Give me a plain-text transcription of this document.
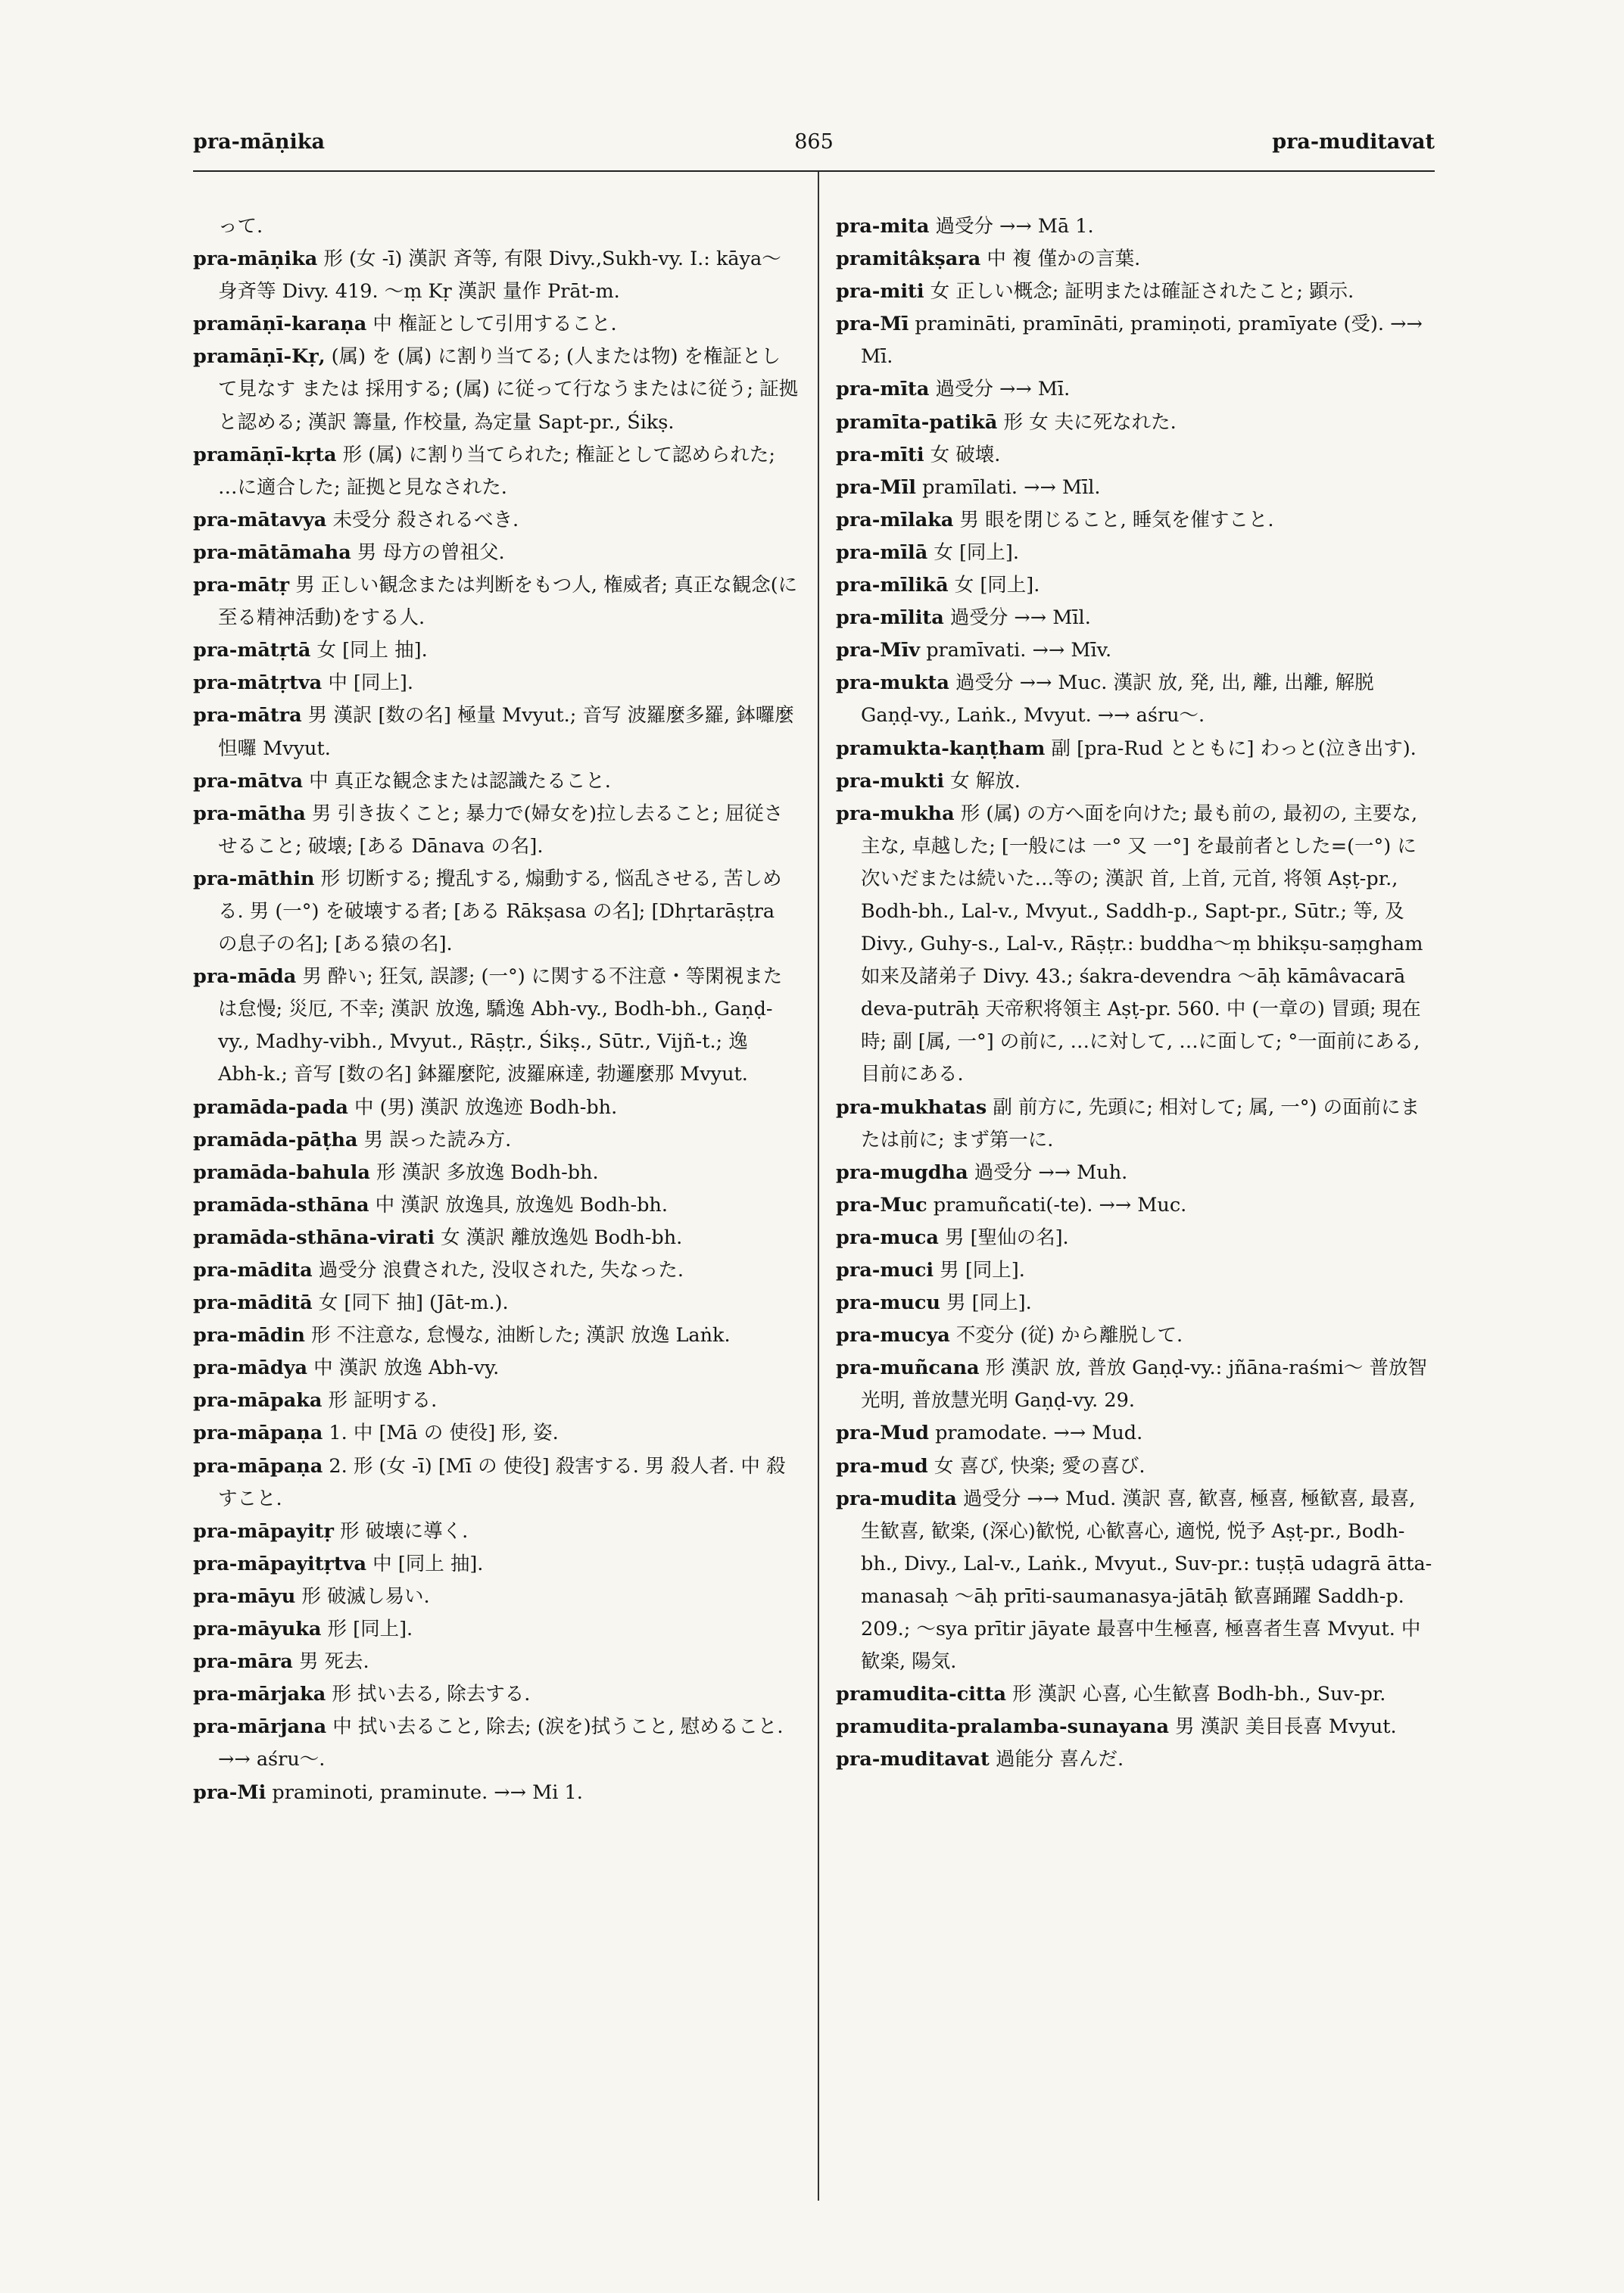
pra-māṇika	865	pra-muditavat

って.

pra-māṇika 形 (女 -ī) 漢訳 斉等, 有限 Divy.,Sukh-vy. I.: kāya～ 身斉等 Divy. 419. ～ṃ Kṛ 漢訳 量作 Prāt-m.

pramāṇī-karaṇa 中 権証として引用すること.

pramāṇī-Kṛ, (属) を (属) に割り当てる; (人または物) を権証として見なす または 採用する; (属) に従って行なうまたはに従う; 証拠と認める; 漢訳 籌量, 作校量, 為定量 Sapt-pr., Śikṣ.

pramāṇī-kṛta 形 (属) に割り当てられた; 権証として認められた; …に適合した; 証拠と見なされた.

pra-mātavya 未受分 殺されるべき.

pra-mātāmaha 男 母方の曾祖父.

pra-mātṛ 男 正しい観念または判断をもつ人, 権威者; 真正な観念(に至る精神活動)をする人.

pra-mātṛtā 女 [同上 抽].

pra-mātṛtva 中 [同上].

pra-mātra 男 漢訳 [数の名] 極量 Mvyut.; 音写 波羅麼多羅, 鉢囉麼怛囉 Mvyut.

pra-mātva 中 真正な観念または認識たること.

pra-mātha 男 引き抜くこと; 暴力で(婦女を)拉し去ること; 屈従させること; 破壊; [ある Dānava の名].

pra-māthin 形 切断する; 攪乱する, 煽動する, 悩乱させる, 苦しめる. 男 (一°) を破壊する者; [ある Rākṣasa の名]; [Dhṛtarāṣṭra の息子の名]; [ある猿の名].

pra-māda 男 酔い; 狂気, 誤謬; (一°) に関する不注意・等閑視または怠慢; 災厄, 不幸; 漢訳 放逸, 驕逸 Abh-vy., Bodh-bh., Gaṇḍ-vy., Madhy-vibh., Mvyut., Rāṣṭr., Śikṣ., Sūtr., Vijñ-t.; 逸 Abh-k.; 音写 [数の名] 鉢羅麼陀, 波羅麻達, 勃邏麼那 Mvyut.

pramāda-pada 中 (男) 漢訳 放逸迹 Bodh-bh.

pramāda-pāṭha 男 誤った読み方.

pramāda-bahula 形 漢訳 多放逸 Bodh-bh.

pramāda-sthāna 中 漢訳 放逸具, 放逸処 Bodh-bh.

pramāda-sthāna-virati 女 漢訳 離放逸処 Bodh-bh.

pra-mādita 過受分 浪費された, 没収された, 失なった.

pra-māditā 女 [同下 抽] (Jāt-m.).

pra-mādin 形 不注意な, 怠慢な, 油断した; 漢訳 放逸 Laṅk.

pra-mādya 中 漢訳 放逸 Abh-vy.

pra-māpaka 形 証明する.

pra-māpaṇa 1. 中 [Mā の 使役] 形, 姿.

pra-māpaṇa 2. 形 (女 -ī) [Mī の 使役] 殺害する. 男 殺人者. 中 殺すこと.

pra-māpayitṛ 形 破壊に導く.

pra-māpayitṛtva 中 [同上 抽].

pra-māyu 形 破滅し易い.

pra-māyuka 形 [同上].

pra-māra 男 死去.

pra-mārjaka 形 拭い去る, 除去する.

pra-mārjana 中 拭い去ること, 除去; (涙を)拭うこと, 慰めること. →→ aśru～.

pra-Mi praminoti, praminute. →→ Mi 1.

pra-mita 過受分 →→ Mā 1.

pramitâkṣara 中 複 僅かの言葉.

pra-miti 女 正しい概念; 証明または確証されたこと; 顕示.

pra-Mī pramināti, pramīnāti, pramiṇoti, pramīyate (受). →→ Mī.

pra-mīta 過受分 →→ Mī.

pramīta-patikā 形 女 夫に死なれた.

pra-mīti 女 破壊.

pra-Mīl pramīlati. →→ Mīl.

pra-mīlaka 男 眼を閉じること, 睡気を催すこと.

pra-mīlā 女 [同上].

pra-mīlikā 女 [同上].

pra-mīlita 過受分 →→ Mīl.

pra-Mīv pramīvati. →→ Mīv.

pra-mukta 過受分 →→ Muc. 漢訳 放, 発, 出, 離, 出離, 解脱 Gaṇḍ-vy., Laṅk., Mvyut. →→ aśru～.

pramukta-kaṇṭham 副 [pra-Rud とともに] わっと(泣き出す).

pra-mukti 女 解放.

pra-mukha 形 (属) の方へ面を向けた; 最も前の, 最初の, 主要な, 主な, 卓越した; [一般には 一° 又 一°] を最前者とした=(一°) に次いだまたは続いた…等の; 漢訳 首, 上首, 元首, 将領 Aṣṭ-pr., Bodh-bh., Lal-v., Mvyut., Saddh-p., Sapt-pr., Sūtr.; 等, 及 Divy., Guhy-s., Lal-v., Rāṣṭr.: buddha～ṃ bhikṣu-saṃgham 如来及諸弟子 Divy. 43.; śakra-devendra ～āḥ kāmâvacarā deva-putrāḥ 天帝釈将領主 Aṣṭ-pr. 560. 中 (一章の) 冒頭; 現在時; 副 [属, 一°] の前に, …に対して, …に面して; °一面前にある, 目前にある.

pra-mukhatas 副 前方に, 先頭に; 相対して; 属, 一°) の面前にまたは前に; まず第一に.

pra-mugdha 過受分 →→ Muh.

pra-Muc pramuñcati(-te). →→ Muc.

pra-muca 男 [聖仙の名].

pra-muci 男 [同上].

pra-mucu 男 [同上].

pra-mucya 不変分 (従) から離脱して.

pra-muñcana 形 漢訳 放, 普放 Gaṇḍ-vy.: jñāna-raśmi～ 普放智光明, 普放慧光明 Gaṇḍ-vy. 29.

pra-Mud pramodate. →→ Mud.

pra-mud 女 喜び, 快楽; 愛の喜び.

pra-mudita 過受分 →→ Mud. 漢訳 喜, 歓喜, 極喜, 極歓喜, 最喜, 生歓喜, 歓楽, (深心)歓悦, 心歓喜心, 適悦, 悦予 Aṣṭ-pr., Bodh-bh., Divy., Lal-v., Laṅk., Mvyut., Suv-pr.: tuṣṭā udagrā ātta-manasaḥ ～āḥ prīti-saumanasya-jātāḥ 歓喜踊躍 Saddh-p. 209.; ～sya prītir jāyate 最喜中生極喜, 極喜者生喜 Mvyut. 中 歓楽, 陽気.

pramudita-citta 形 漢訳 心喜, 心生歓喜 Bodh-bh., Suv-pr.

pramudita-pralamba-sunayana 男 漢訳 美目長喜 Mvyut.

pra-muditavat 過能分 喜んだ.
